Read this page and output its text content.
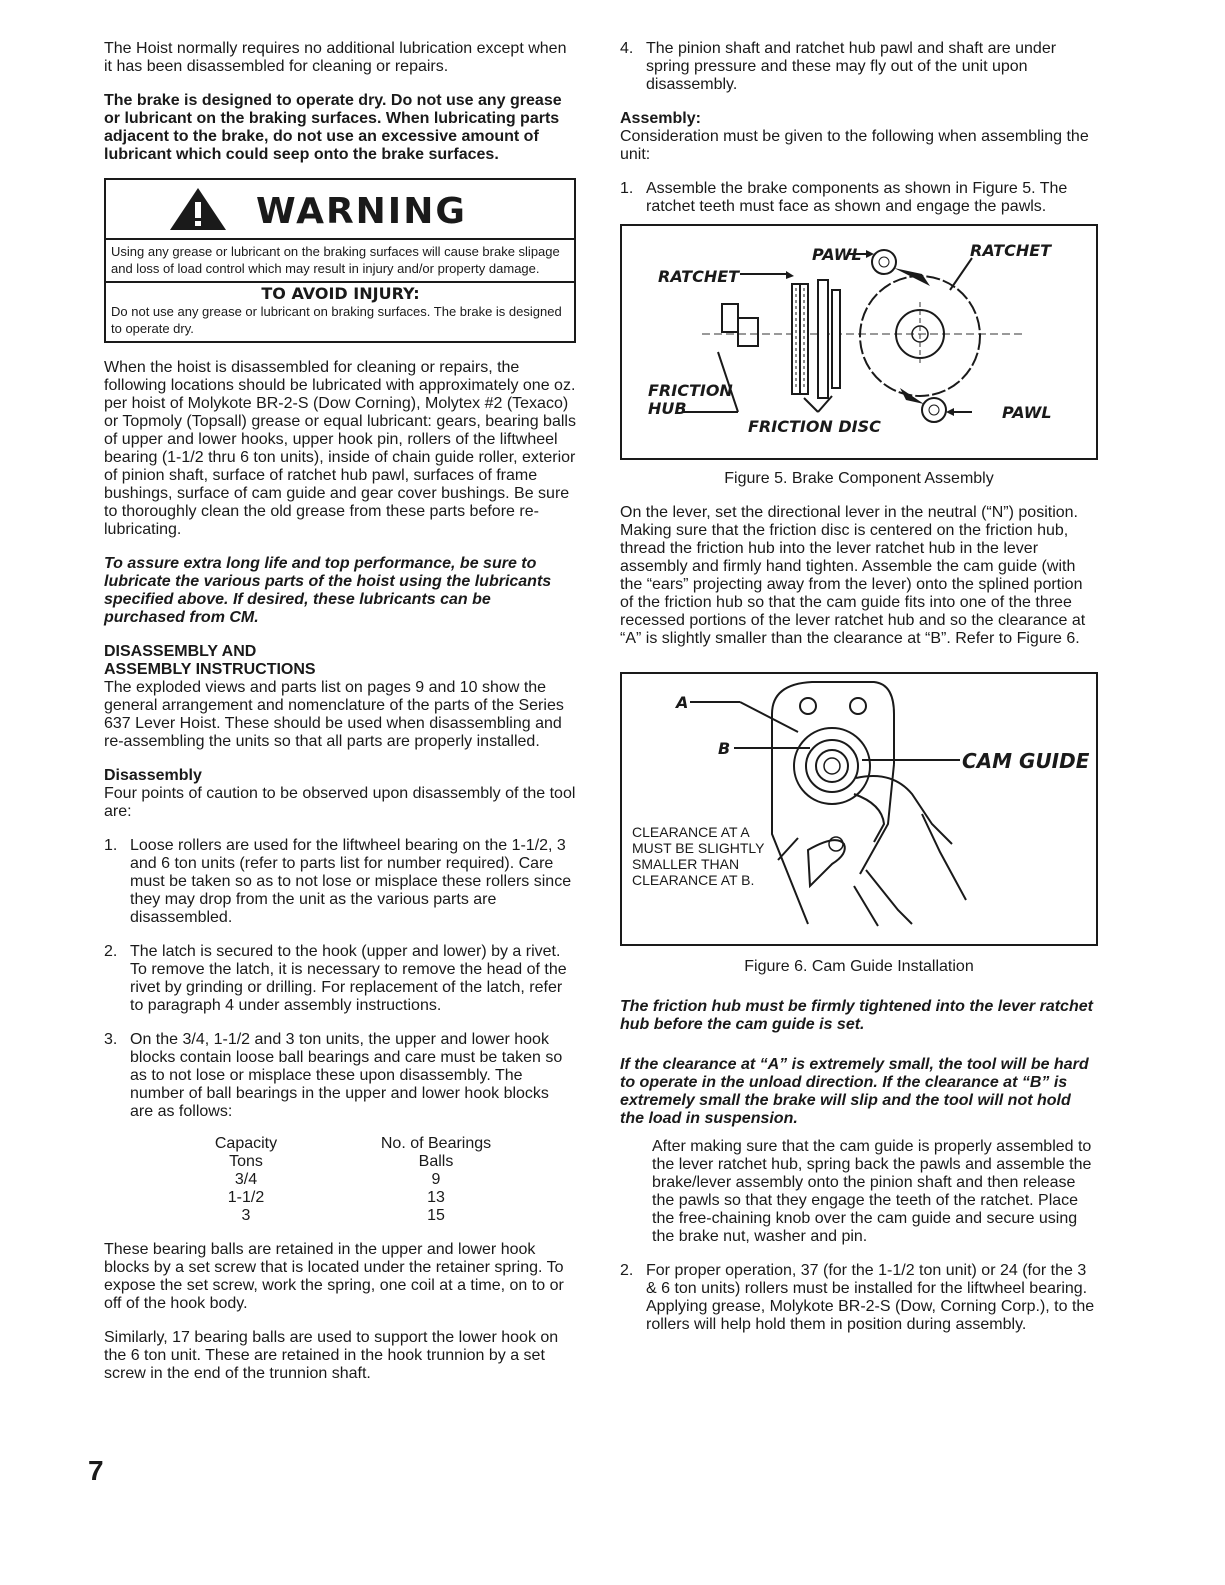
The Hoist normally requires no additional lubrication except when it has been disassembled for cleaning or repairs.

The brake is designed to operate dry. Do not use any grease or lubricant on the braking surfaces. When lubricating parts adjacent to the brake, do not use an excessive amount of lubricant which could seep onto the brake surfaces.

WARNING
Using any grease or lubricant on the braking surfaces will cause brake slipage and loss of load control which may result in injury and/or property damage.
TO AVOID INJURY:
Do not use any grease or lubricant on braking surfaces. The brake is designed to operate dry.

When the hoist is disassembled for cleaning or repairs, the following locations should be lubricated with approximately one oz. per hoist of Molykote BR-2-S (Dow Corning), Molytex #2 (Texaco) or Topmoly (Topsall) grease or equal lubricant: gears, bearing balls of upper and lower hooks, upper hook pin, rollers of the liftwheel bearing (1-1/2 thru 6 ton units), inside of chain guide roller, exterior of pinion shaft, surface of ratchet hub pawl, surfaces of frame bushings, surface of cam guide and gear cover bushings. Be sure to thoroughly clean the old grease from these parts before re-lubricating.

To assure extra long life and top performance, be sure to lubricate the various parts of the hoist using the lubricants specified above. If desired, these lubricants can be purchased from CM.

DISASSEMBLY AND

ASSEMBLY INSTRUCTIONS

The exploded views and parts list on pages 9 and 10 show the general arrangement and nomenclature of the parts of the Series 637 Lever Hoist. These should be used when disassembling and re-assembling the units so that all parts are properly installed.

Disassembly

Four points of caution to be observed upon disassembly of the tool are:

1. Loose rollers are used for the liftwheel bearing on the 1-1/2, 3 and 6 ton units (refer to parts list for number required). Care must be taken so as to not lose or misplace these rollers since they may drop from the unit as the various parts are disassembled.
2. The latch is secured to the hook (upper and lower) by a rivet. To remove the latch, it is necessary to remove the head of the rivet by grinding or drilling. For replacement of the latch, refer to paragraph 4 under assembly instructions.
3. On the 3/4, 1-1/2 and 3 ton units, the upper and lower hook blocks contain loose ball bearings and care must be taken so as to not lose or misplace these upon disassembly. The number of ball bearings in the upper and lower hook blocks are as follows:
Capacity		No. of Bearings
Tons		Balls
3/4		9
1-1/2		13
3		15

These bearing balls are retained in the upper and lower hook blocks by a set screw that is located under the retainer spring. To expose the set screw, work the spring, one coil at a time, on to or off of the hook body.

Similarly, 17 bearing balls are used to support the lower hook on the 6 ton unit. These are retained in the hook trunnion by a set screw in the end of the trunnion shaft.

4. The pinion shaft and ratchet hub pawl and shaft are under spring pressure and these may fly out of the unit upon disassembly.

Assembly:

Consideration must be given to the following when assembling the unit:

1. Assemble the brake components as shown in Figure 5. The ratchet teeth must face as shown and engage the pawls.
PAWL	RATCHET
RATCHET
FRICTION
HUB
FRICTION DISC
PAWL

Figure 5. Brake Component Assembly

On the lever, set the directional lever in the neutral (“N”) position. Making sure that the friction disc is centered on the friction hub, thread the friction hub into the lever ratchet hub in the lever assembly and firmly hand tighten. Assemble the cam guide (with the “ears” projecting away from the lever) onto the splined portion of the friction hub so that the cam guide fits into one of the three recessed portions of the lever ratchet hub and so the clearance at “A” is slightly smaller than the clearance at “B”. Refer to Figure 6.

A
B
CAM GUIDE
CLEARANCE AT A
MUST BE SLIGHTLY
SMALLER THAN
CLEARANCE AT B.

Figure 6. Cam Guide Installation

The friction hub must be firmly tightened into the lever ratchet hub before the cam guide is set.

If the clearance at “A” is extremely small, the tool will be hard to operate in the unload direction. If the clearance at “B” is extremely small the brake will slip and the tool will not hold the load in suspension.

After making sure that the cam guide is properly assembled to the lever ratchet hub, spring back the pawls and assemble the brake/lever assembly onto the pinion shaft and then release the pawls so that they engage the teeth of the ratchet. Place the free-chaining knob over the cam guide and secure using the brake nut, washer and pin.

2. For proper operation, 37 (for the 1-1/2 ton unit) or 24 (for the 3 & 6 ton units) rollers must be installed for the liftwheel bearing. Applying grease, Molykote BR-2-S (Dow, Corning Corp.), to the rollers will help hold them in position during assembly.
7
